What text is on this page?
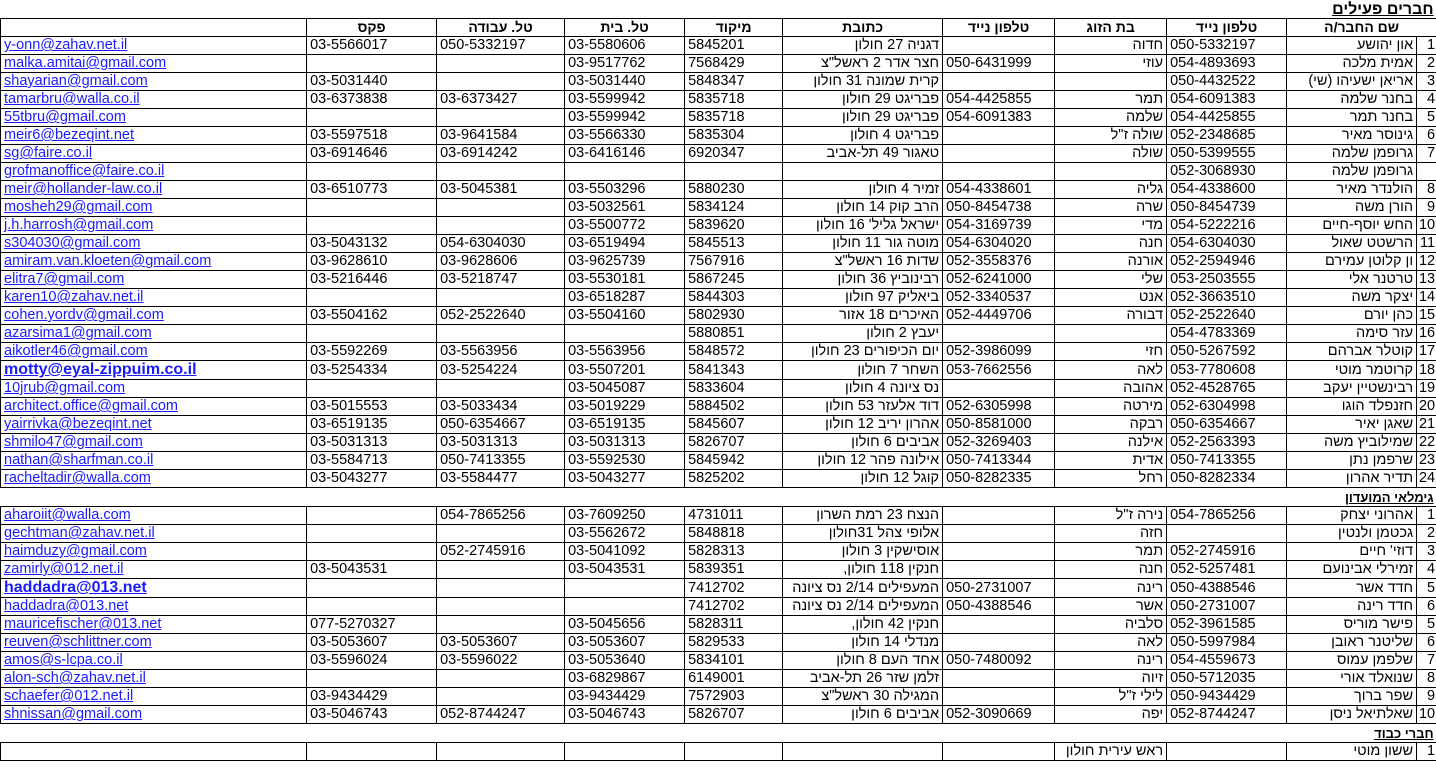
חברים פעילים										
שם החבר/ה		טלפון נייד	בת הזוג	טלפון נייד	כתובת	מיקוד	טל. בית	טל. עבודה	פקס	
1	און יהושע	050-5332197	חדוה		דגניה 27 חולון	5845201	03-5580606	050-5332197	03-5566017	y-onn@zahav.net.il
2	אמית מלכה	054-4893693	עוזי	050-6431999	חצר אדר 2 ראשל"צ	7568429	03-9517762			malka.amitai@gmail.com
3	אריאן ישעיהו (שי)	050-4432522			קרית שמונה 31 חולון	5848347	03-5031440		03-5031440	shayarian@gmail.com
4	בחנר שלמה	054-6091383	תמר	054-4425855	פבריגט 29 חולון	5835718	03-5599942	03-6373427	03-6373838	tamarbru@walla.co.il
5	בחנר תמר	054-4425855	שלמה	054-6091383	פבריגט 29 חולון	5835718	03-5599942			55tbru@gmail.com
6	גינוסר מאיר	052-2348685	שולה ז"ל		פבריגט 4 חולון	5835304	03-5566330	03-9641584	03-5597518	meir6@bezeqint.net
7	גרופמן שלמה	050-5399555	שולה		טאגור 49 תל-אביב	6920347	03-6416146	03-6914242	03-6914646	sg@faire.co.il
	גרופמן שלמה	052-3068930								grofmanoffice@faire.co.il
8	הולנדר מאיר	054-4338600	גליה	054-4338601	זמיר 4 חולון	5880230	03-5503296	03-5045381	03-6510773	meir@hollander-law.co.il
9	הורן משה	050-8454739	שרה	050-8454738	הרב קוק 14 חולון	5834124	03-5032561			mosheh29@gmail.com
10	החש יוסף-חיים	054-5222216	מדי	054-3169739	ישראל גליל' 16 חולון	5839620	03-5500772			j.h.harrosh@gmail.com
11	הרשטט שאול	054-6304030	חנה	054-6304020	מוטה גור 11 חולון	5845513	03-6519494	054-6304030	03-5043132	s304030@gmail.com
12	ון קלוטן עמירם	052-2594946	אורנה	052-3558376	שדות 16 ראשל"צ	7567916	03-9625739	03-9628606	03-9628610	amiram.van.kloeten@gmail.com
13	טרטנר אלי	053-2503555	שלי	052-6241000	רבינוביץ 36 חולון	5867245	03-5530181	03-5218747	03-5216446	elitra7@gmail.com
14	יצקר משה	052-3663510	אנט	052-3340537	ביאליק 97 חולון	5844303	03-6518287			karen10@zahav.net.il
15	כהן יורם	052-2522640	דבורה	052-4449706	האיכרים 18 אזור	5802930	03-5504160	052-2522640	03-5504162	cohen.yordv@gmail.com
16	עזר סימה	054-4783369			יעבץ 2 חולון	5880851				azarsima1@gmail.com
17	קוטלר אברהם	050-5267592	חזי	052-3986099	יום הכיפורים 23 חולון	5848572	03-5563956	03-5563956	03-5592269	aikotler46@gmail.com
18	קרוטמר מוטי	053-7780608	לאה	053-7662556	השחר 7 חולון	5841343	03-5507201	03-5254224	03-5254334	motty@eyal-zippuim.co.il
19	רבינשטיין יעקב	052-4528765	אהובה		נס ציונה 4 חולון	5833604	03-5045087			10jrub@gmail.com
20	חזנפלד הוגו	052-6304998	מירטה	052-6305998	דוד אלעזר 53 חולון	5884502	03-5019229	03-5033434	03-5015553	architect.office@gmail.com
21	שאגן יאיר	050-6354667	רבקה	050-8581000	אהרון יריב 12 חולון	5845607	03-6519135	050-6354667	03-6519135	yairrivka@bezeqint.net
22	שמילוביץ משה	052-2563393	אילנה	052-3269403	אביבים 6 חולון	5826707	03-5031313	03-5031313	03-5031313	shmilo47@gmail.com
23	שרפמן נתן	050-7413355	אדית	050-7413344	אילונה פהר 12 חולון	5845942	03-5592530	050-7413355	03-5584713	nathan@sharfman.co.il
24	תדיר אהרון	050-8282334	רחל	050-8282335	קוגל 12 חולון	5825202	03-5043277	03-5584477	03-5043277	racheltadir@walla.com
גימלאי המועדון										
1	אהרוני יצחק	054-7865256	נירה ז"ל		הנצח 23 רמת השרון	4731011	03-7609250	054-7865256		aharoiit@walla.com
2	גכטמן ולנטין		חזה		אלופי צהל 31חולון	5848818	03-5562672			gechtman@zahav.net.il
3	דוזי' חיים	052-2745916	תמר		אוסישקין 3 חולון	5828313	03-5041092	052-2745916		haimduzy@gmail.com
4	זמירלי אבינועם	052-5257481	חנה		חנקין 118 חולון,	5839351	03-5043531		03-5043531	zamirly@012.net.il
5	חדד אשר	050-4388546	רינה	050-2731007	המעפילים 2/14 נס ציונה	7412702				haddadra@013.net
6	חדד רינה	050-2731007	אשר	050-4388546	המעפילים 2/14 נס ציונה	7412702				haddadra@013.net
5	פישר מוריס	052-3961585	סלביה		חנקין 42 חולון,	5828311	03-5045656		077-5270327	mauricefischer@013.net
6	שליטנר ראובן	050-5997984	לאה		מנדלי 14 חולון	5829533	03-5053607	03-5053607	03-5053607	reuven@schlittner.com
7	שלפמן עמוס	054-4559673	רינה	050-7480092	אחד העם 8 חולון	5834101	03-5053640	03-5596022	03-5596024	amos@s-lcpa.co.il
8	שנואלד אורי	050-5712035	זיוה		זלמן שזר 26 תל-אביב	6149001	03-6829867			alon-sch@zahav.net.il
9	שפר ברוך	050-9434429	לילי ז"ל		המגילה 30 ראשל"צ	7572903	03-9434429		03-9434429	schaefer@012.net.il
10	שאלתיאל ניסן	052-8744247	יפה	052-3090669	אביבים 6 חולון	5826707	03-5046743	052-8744247	03-5046743	shnissan@gmail.com
חברי כבוד										
1	ששון מוטי		ראש עירית חולון							
